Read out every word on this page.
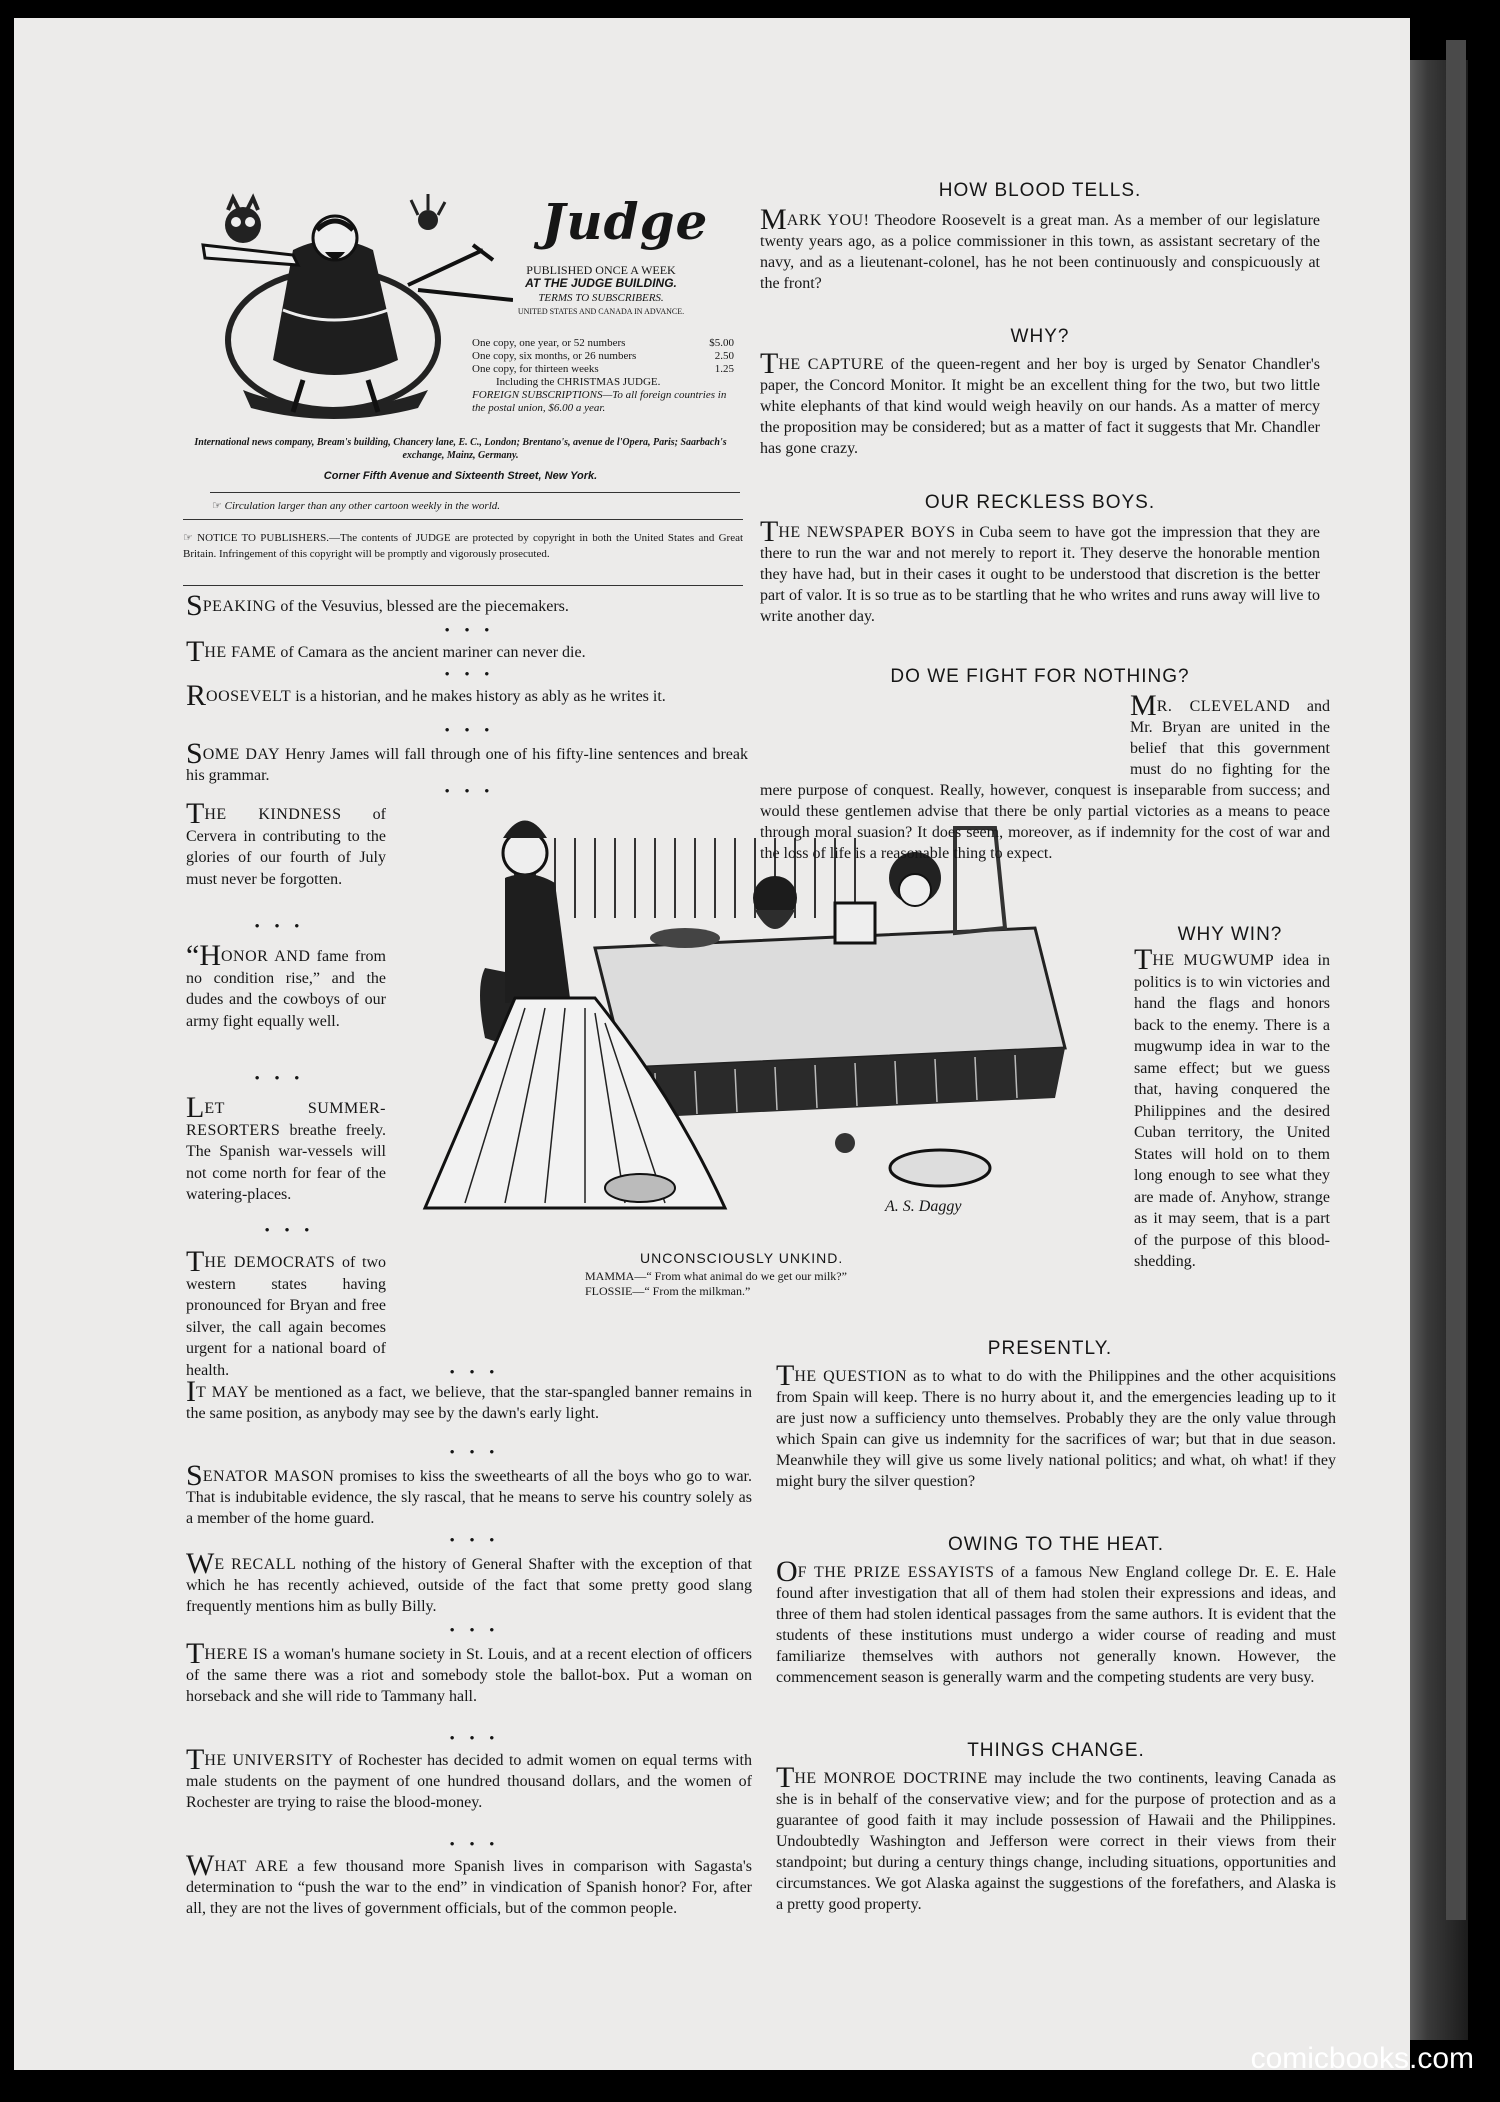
Judge
PUBLISHED ONCE A WEEK
AT THE JUDGE BUILDING.
TERMS TO SUBSCRIBERS.
UNITED STATES AND CANADA IN ADVANCE.
One copy, one year, or 52 numbers	$5.00
One copy, six months, or 26 numbers	2.50
One copy, for thirteen weeks	1.25
Including the CHRISTMAS JUDGE.
FOREIGN SUBSCRIPTIONS—To all foreign countries in the postal union, $6.00 a year.
International news company, Bream's building, Chancery lane, E. C., London; Brentano's, avenue de l'Opera, Paris; Saarbach's exchange, Mainz, Germany.
Corner Fifth Avenue and Sixteenth Street, New York.
☞ Circulation larger than any other cartoon weekly in the world.
☞ NOTICE TO PUBLISHERS.—The contents of JUDGE are protected by copyright in both the United States and Great Britain. Infringement of this copyright will be promptly and vigorously prosecuted.
SPEAKING of the Vesuvius, blessed are the piecemakers.
• • •
THE FAME of Camara as the ancient mariner can never die.
• • •
ROOSEVELT is a historian, and he makes history as ably as he writes it.
• • •
SOME DAY Henry James will fall through one of his fifty-line sentences and break his grammar.
• • •
THE KINDNESS of Cervera in contributing to the glories of our fourth of July must never be forgotten.
• • •
“HONOR AND fame from no condition rise,” and the dudes and the cowboys of our army fight equally well.
• • •
LET SUMMER-RESORTERS breathe freely. The Spanish war-vessels will not come north for fear of the watering-places.
• • •
THE DEMOCRATS of two western states having pronounced for Bryan and free silver, the call again becomes urgent for a national board of health.	• • •
IT MAY be mentioned as a fact, we believe, that the star-spangled banner remains in the same position, as anybody may see by the dawn's early light.
• • •
SENATOR MASON promises to kiss the sweethearts of all the boys who go to war. That is indubitable evidence, the sly rascal, that he means to serve his country solely as a member of the home guard.
• • •
WE RECALL nothing of the history of General Shafter with the exception of that which he has recently achieved, outside of the fact that some pretty good slang frequently mentions him as bully Billy.
• • •
THERE IS a woman's humane society in St. Louis, and at a recent election of officers of the same there was a riot and somebody stole the ballot-box. Put a woman on horseback and she will ride to Tammany hall.
• • •
THE UNIVERSITY of Rochester has decided to admit women on equal terms with male students on the payment of one hundred thousand dollars, and the women of Rochester are trying to raise the blood-money.
• • •
WHAT ARE a few thousand more Spanish lives in comparison with Sagasta's determination to “push the war to the end” in vindication of Spanish honor? For, after all, they are not the lives of government officials, but of the common people.
A. S. Daggy
UNCONSCIOUSLY UNKIND.
MAMMA—“ From what animal do we get our milk?”
FLOSSIE—“ From the milkman.”
HOW BLOOD TELLS.
MARK YOU! Theodore Roosevelt is a great man. As a member of our legislature twenty years ago, as a police commissioner in this town, as assistant secretary of the navy, and as a lieutenant-colonel, has he not been continuously and conspicuously at the front?
WHY?
THE CAPTURE of the queen-regent and her boy is urged by Senator Chandler's paper, the Concord Monitor. It might be an excellent thing for the two, but two little white elephants of that kind would weigh heavily on our hands. As a matter of mercy the proposition may be considered; but as a matter of fact it suggests that Mr. Chandler has gone crazy.
OUR RECKLESS BOYS.
THE NEWSPAPER BOYS in Cuba seem to have got the impression that they are there to run the war and not merely to report it. They deserve the honorable mention they have had, but in their cases it ought to be understood that discretion is the better part of valor. It is so true as to be startling that he who writes and runs away will live to write another day.
DO WE FIGHT FOR NOTHING?
MR. CLEVELAND and Mr. Bryan are united in the belief that this government must do no fighting for the mere purpose of conquest. Really, however, conquest is inseparable from success; and would these gentlemen advise that there be only partial victories as a means to peace through moral suasion? It does seem, moreover, as if indemnity for the cost of war and the loss of life is a reasonable thing to expect.
WHY WIN?
THE MUGWUMP idea in politics is to win victories and hand the flags and honors back to the enemy. There is a mugwump idea in war to the same effect; but we guess that, having conquered the Philippines and the desired Cuban territory, the United States will hold on to them long enough to see what they are made of. Anyhow, strange as it may seem, that is a part of the purpose of this blood-shedding.
PRESENTLY.
THE QUESTION as to what to do with the Philippines and the other acquisitions from Spain will keep. There is no hurry about it, and the emergencies leading up to it are just now a sufficiency unto themselves. Probably they are the only value through which Spain can give us indemnity for the sacrifices of war; but that in due season. Meanwhile they will give us some lively national politics; and what, oh what! if they might bury the silver question?
OWING TO THE HEAT.
OF THE PRIZE ESSAYISTS of a famous New England college Dr. E. E. Hale found after investigation that all of them had stolen their expressions and ideas, and three of them had stolen identical passages from the same authors. It is evident that the students of these institutions must undergo a wider course of reading and must familiarize themselves with authors not generally known. However, the commencement season is generally warm and the competing students are very busy.
THINGS CHANGE.
THE MONROE DOCTRINE may include the two continents, leaving Canada as she is in behalf of the conservative view; and for the purpose of protection and as a guarantee of good faith it may include possession of Hawaii and the Philippines. Undoubtedly Washington and Jefferson were correct in their views from their standpoint; but during a century things change, including situations, opportunities and circumstances. We got Alaska against the suggestions of the forefathers, and Alaska is a pretty good property.
comicbooks.com
